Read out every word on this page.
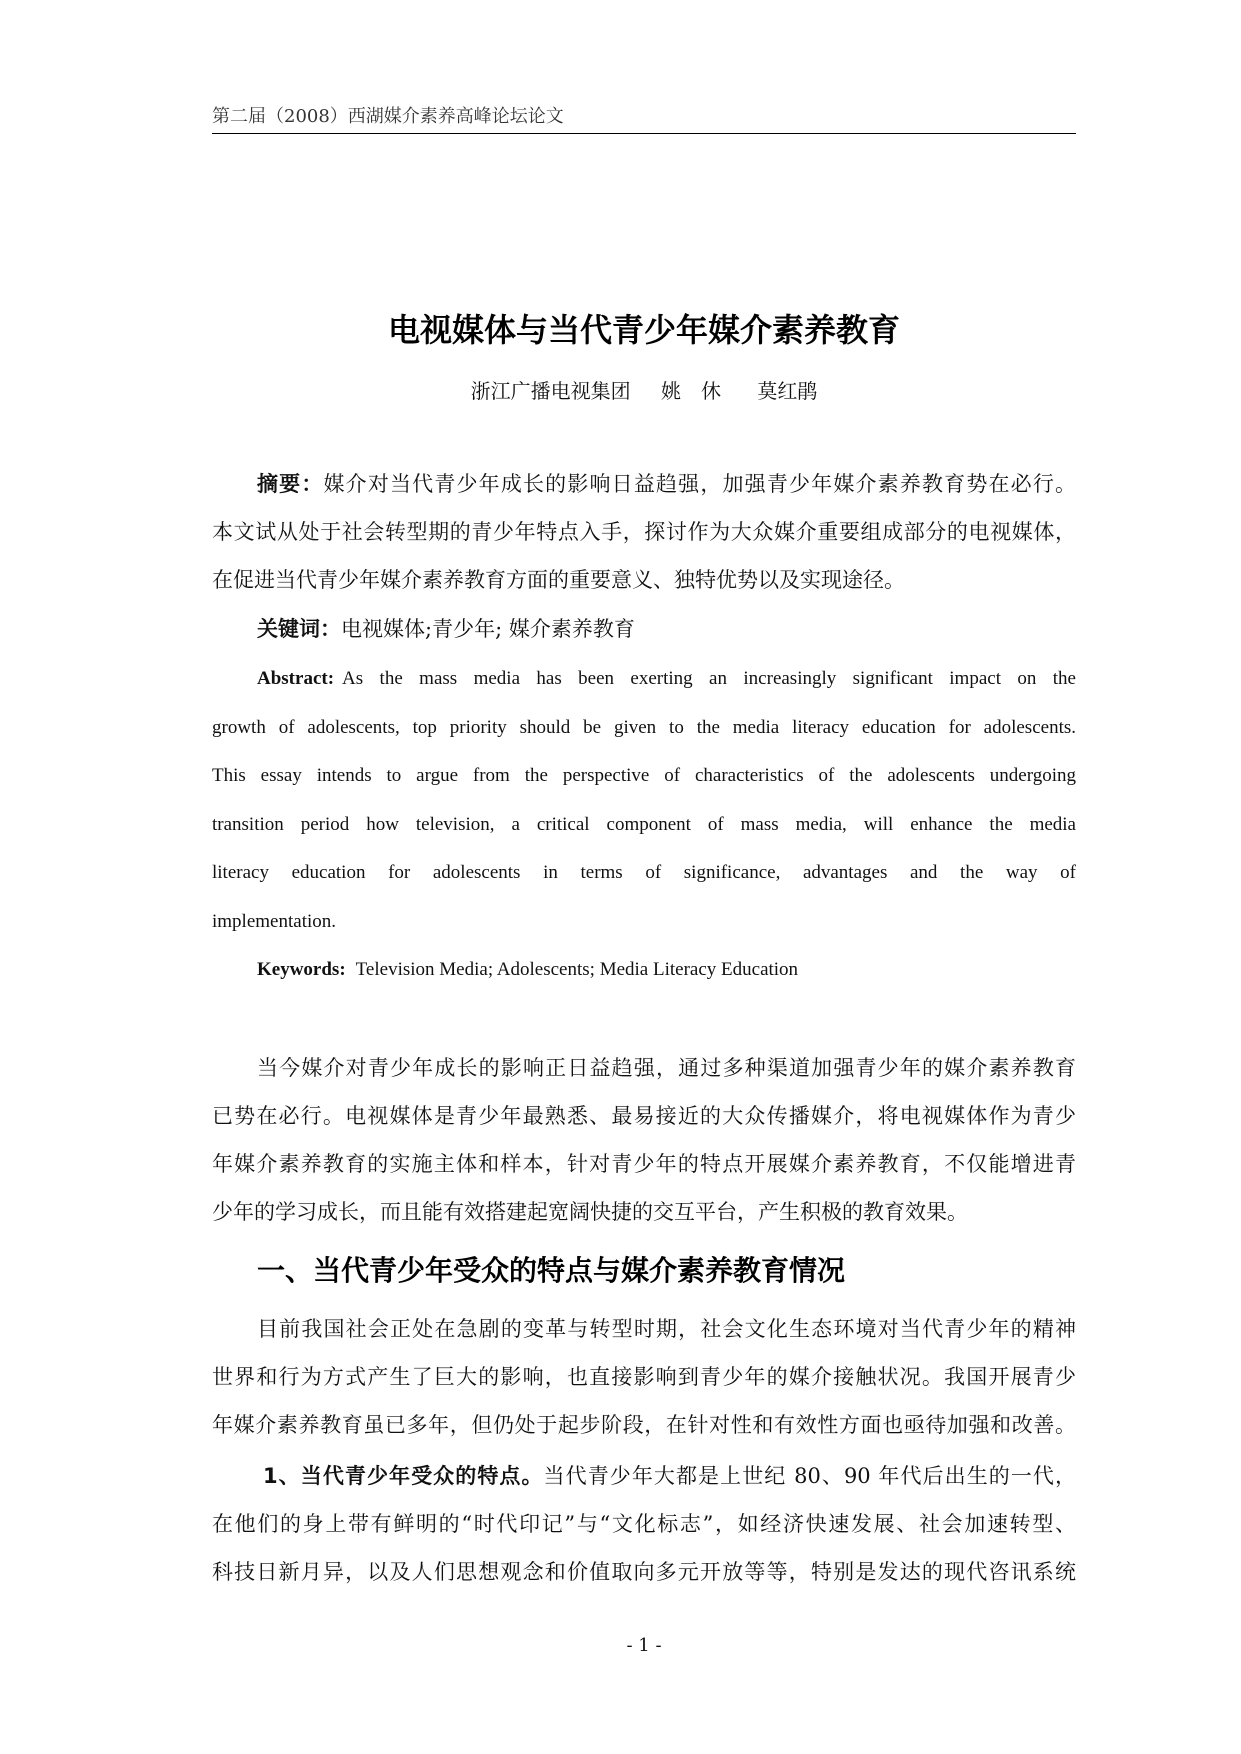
第二届（2008）西湖媒介素养高峰论坛论文
电视媒体与当代青少年媒介素养教育
浙江广播电视集团 姚　休 莫红鹃
摘要：媒介对当代青少年成长的影响日益趋强，加强青少年媒介素养教育势在必行。
本文试从处于社会转型期的青少年特点入手，探讨作为大众媒介重要组成部分的电视媒体，
在促进当代青少年媒介素养教育方面的重要意义、独特优势以及实现途径。
关键词：电视媒体;青少年; 媒介素养教育
Abstract: As the mass media has been exerting an increasingly significant impact on the
growth of adolescents, top priority should be given to the media literacy education for adolescents.
This essay intends to argue from the perspective of characteristics of the adolescents undergoing
transition period how television, a critical component of mass media, will enhance the media
literacy education for adolescents in terms of significance, advantages and the way of
implementation.
Keywords: Television Media; Adolescents; Media Literacy Education
当今媒介对青少年成长的影响正日益趋强，通过多种渠道加强青少年的媒介素养教育
已势在必行。电视媒体是青少年最熟悉、最易接近的大众传播媒介，将电视媒体作为青少
年媒介素养教育的实施主体和样本，针对青少年的特点开展媒介素养教育，不仅能增进青
少年的学习成长，而且能有效搭建起宽阔快捷的交互平台，产生积极的教育效果。
一、当代青少年受众的特点与媒介素养教育情况
目前我国社会正处在急剧的变革与转型时期，社会文化生态环境对当代青少年的精神
世界和行为方式产生了巨大的影响，也直接影响到青少年的媒介接触状况。我国开展青少
年媒介素养教育虽已多年，但仍处于起步阶段，在针对性和有效性方面也亟待加强和改善。
1、当代青少年受众的特点。当代青少年大都是上世纪 80、90 年代后出生的一代，
在他们的身上带有鲜明的“时代印记”与“文化标志”，如经济快速发展、社会加速转型、
科技日新月异，以及人们思想观念和价值取向多元开放等等，特别是发达的现代咨讯系统
- 1 -
